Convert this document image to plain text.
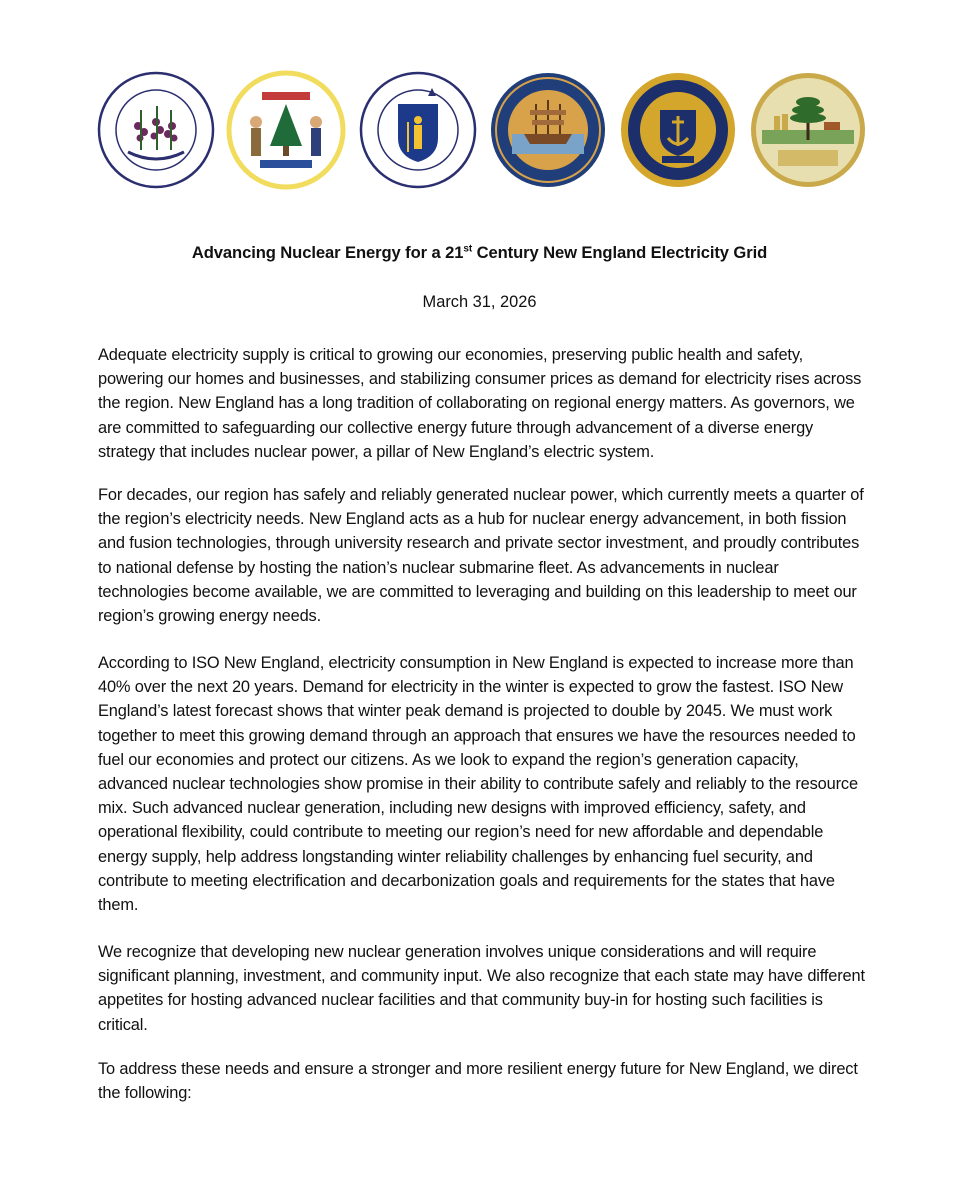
Advancing Nuclear Energy for a 21st Century New England Electricity Grid
March 31, 2026

Adequate electricity supply is critical to growing our economies, preserving public health and safety, powering our homes and businesses, and stabilizing consumer prices as demand for electricity rises across the region. New England has a long tradition of collaborating on regional energy matters. As governors, we are committed to safeguarding our collective energy future through advancement of a diverse energy strategy that includes nuclear power, a pillar of New England’s electric system.

For decades, our region has safely and reliably generated nuclear power, which currently meets a quarter of the region’s electricity needs. New England acts as a hub for nuclear energy advancement, in both fission and fusion technologies, through university research and private sector investment, and proudly contributes to national defense by hosting the nation’s nuclear submarine fleet. As advancements in nuclear technologies become available, we are committed to leveraging and building on this leadership to meet our region’s growing energy needs.

According to ISO New England, electricity consumption in New England is expected to increase more than 40% over the next 20 years. Demand for electricity in the winter is expected to grow the fastest. ISO New England’s latest forecast shows that winter peak demand is projected to double by 2045. We must work together to meet this growing demand through an approach that ensures we have the resources needed to fuel our economies and protect our citizens. As we look to expand the region’s generation capacity, advanced nuclear technologies show promise in their ability to contribute safely and reliably to the resource mix. Such advanced nuclear generation, including new designs with improved efficiency, safety, and operational flexibility, could contribute to meeting our region’s need for new affordable and dependable energy supply, help address longstanding winter reliability challenges by enhancing fuel security, and contribute to meeting electrification and decarbonization goals and requirements for the states that have them.

We recognize that developing new nuclear generation involves unique considerations and will require significant planning, investment, and community input. We also recognize that each state may have different appetites for hosting advanced nuclear facilities and that community buy-in for hosting such facilities is critical.

To address these needs and ensure a stronger and more resilient energy future for New England, we direct the following:
